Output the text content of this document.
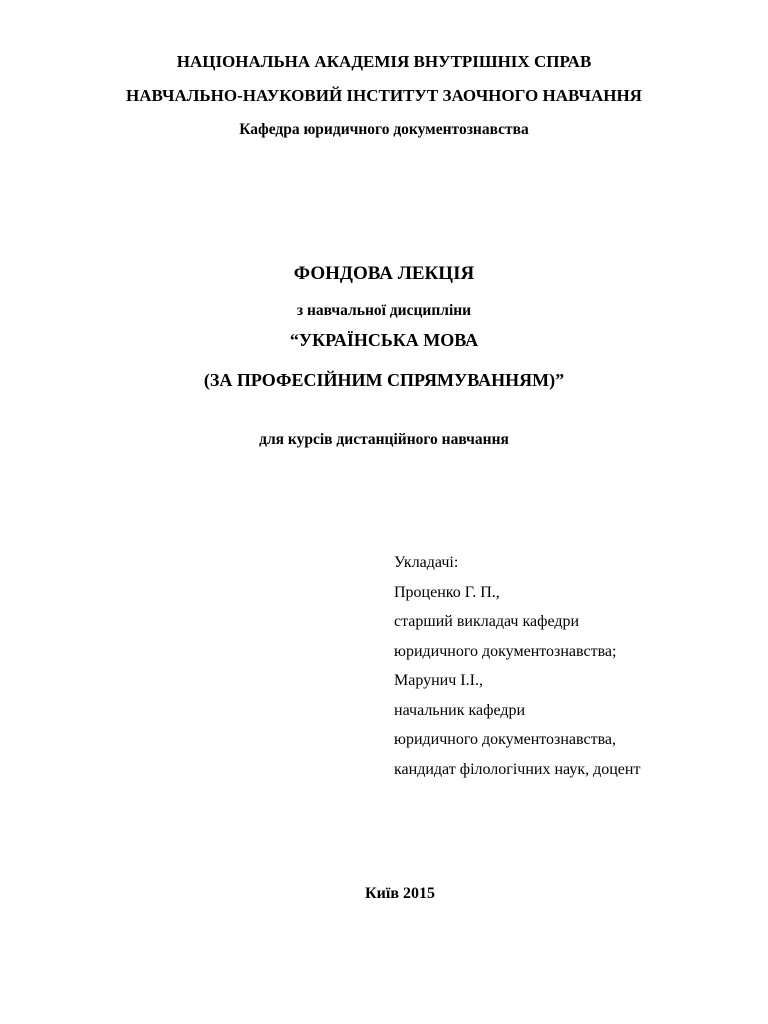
НАЦІОНАЛЬНА АКАДЕМІЯ ВНУТРІШНІХ СПРАВ
НАВЧАЛЬНО-НАУКОВИЙ ІНСТИТУТ ЗАОЧНОГО НАВЧАННЯ
Кафедра юридичного документознавства
ФОНДОВА ЛЕКЦІЯ
з навчальної дисципліни
“УКРАЇНСЬКА МОВА
(ЗА ПРОФЕСІЙНИМ СПРЯМУВАННЯМ)”
для курсів дистанційного навчання
Укладачі:
Проценко Г. П.,
старший викладач кафедри
юридичного документознавства;
Марунич І.І.,
начальник кафедри
юридичного документознавства,
кандидат філологічних наук, доцент
Київ 2015
